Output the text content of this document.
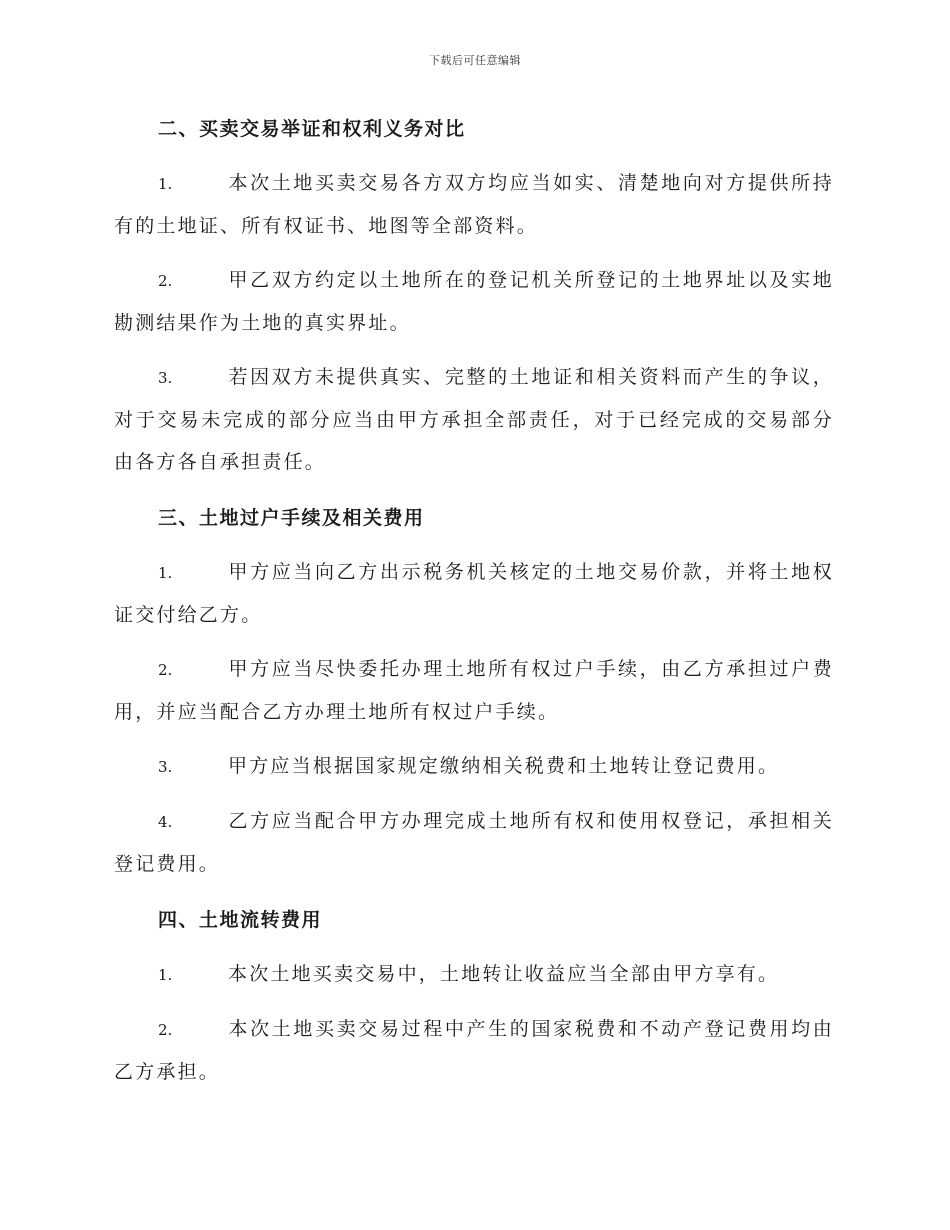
下载后可任意编辑
二、买卖交易举证和权利义务对比
1.	本次土地买卖交易各方双方均应当如实、清楚地向对方提供所持有的土地证、所有权证书、地图等全部资料。
2.	甲乙双方约定以土地所在的登记机关所登记的土地界址以及实地勘测结果作为土地的真实界址。
3.	若因双方未提供真实、完整的土地证和相关资料而产生的争议，对于交易未完成的部分应当由甲方承担全部责任，对于已经完成的交易部分由各方各自承担责任。
三、土地过户手续及相关费用
1.	甲方应当向乙方出示税务机关核定的土地交易价款，并将土地权证交付给乙方。
2.	甲方应当尽快委托办理土地所有权过户手续，由乙方承担过户费用，并应当配合乙方办理土地所有权过户手续。
3.	甲方应当根据国家规定缴纳相关税费和土地转让登记费用。
4.	乙方应当配合甲方办理完成土地所有权和使用权登记，承担相关登记费用。
四、土地流转费用
1.	本次土地买卖交易中，土地转让收益应当全部由甲方享有。
2.	本次土地买卖交易过程中产生的国家税费和不动产登记费用均由乙方承担。
